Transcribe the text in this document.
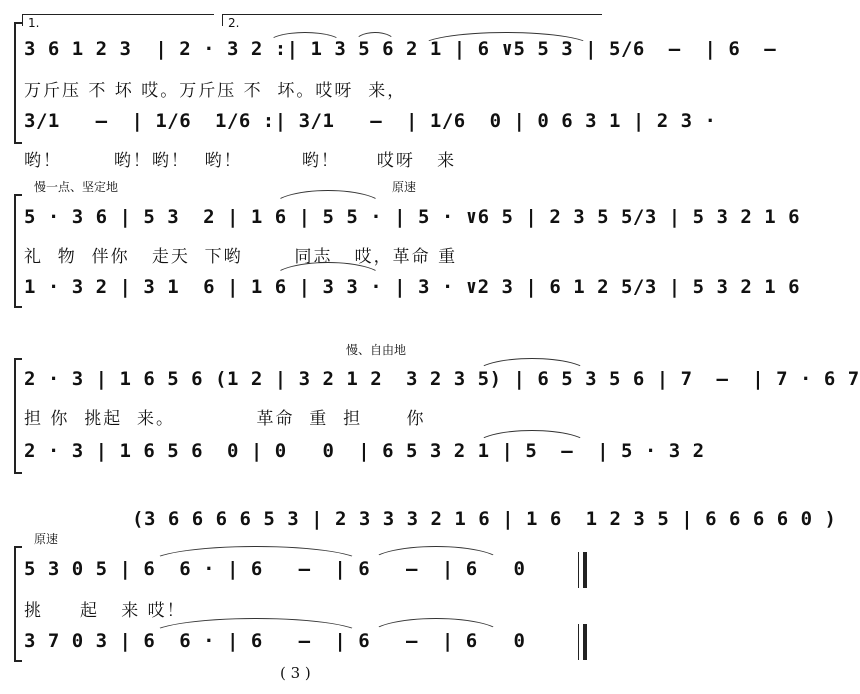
1.	2.
3 6 1 2 3  | 2 · 3 2 :| 1 3 5 6 2 1 | 6 ∨5 5 3 | 5/6  –  | 6  –
万斤压 不 坏 哎。万斤压 不  坏。哎呀  来，
3/1   –  | 1/6  1/6 :| 3/1   –  | 1/6  0 | 0 6 3 1 | 2 3 ·
哟！       哟！哟！  哟！        哟！     哎呀   来
慢一点、坚定地	原速
5 · 3 6 | 5 3  2 | 1 6 | 5 5 · | 5 · ∨6 5 | 2 3 5 5/3 | 5 3 2 1 6
礼  物  伴你   走天  下哟       同志   哎，革命 重
1 · 3 2 | 3 1  6 | 1 6 | 3 3 · | 3 · ∨2 3 | 6 1 2 5/3 | 5 3 2 1 6
慢、自由地
2 · 3 | 1 6 5 6 (1 2 | 3 2 1 2  3 2 3 5) | 6 5 3 5 6 | 7  –  | 7 · 6 7
担 你  挑起  来。           革命  重  担      你
2 · 3 | 1 6 5 6  0 | 0   0  | 6 5 3 2 1 | 5  –  | 5 · 3 2
(3 6 6 6 6 5 3 | 2 3 3 3 2 1 6 | 1 6  1 2 3 5 | 6 6 6 6 0 )
原速
5 3 0 5 | 6  6 · | 6   –  | 6   –  | 6   0
挑     起   来 哎！
3 7 0 3 | 6  6 · | 6   –  | 6   –  | 6   0
( 3 )
